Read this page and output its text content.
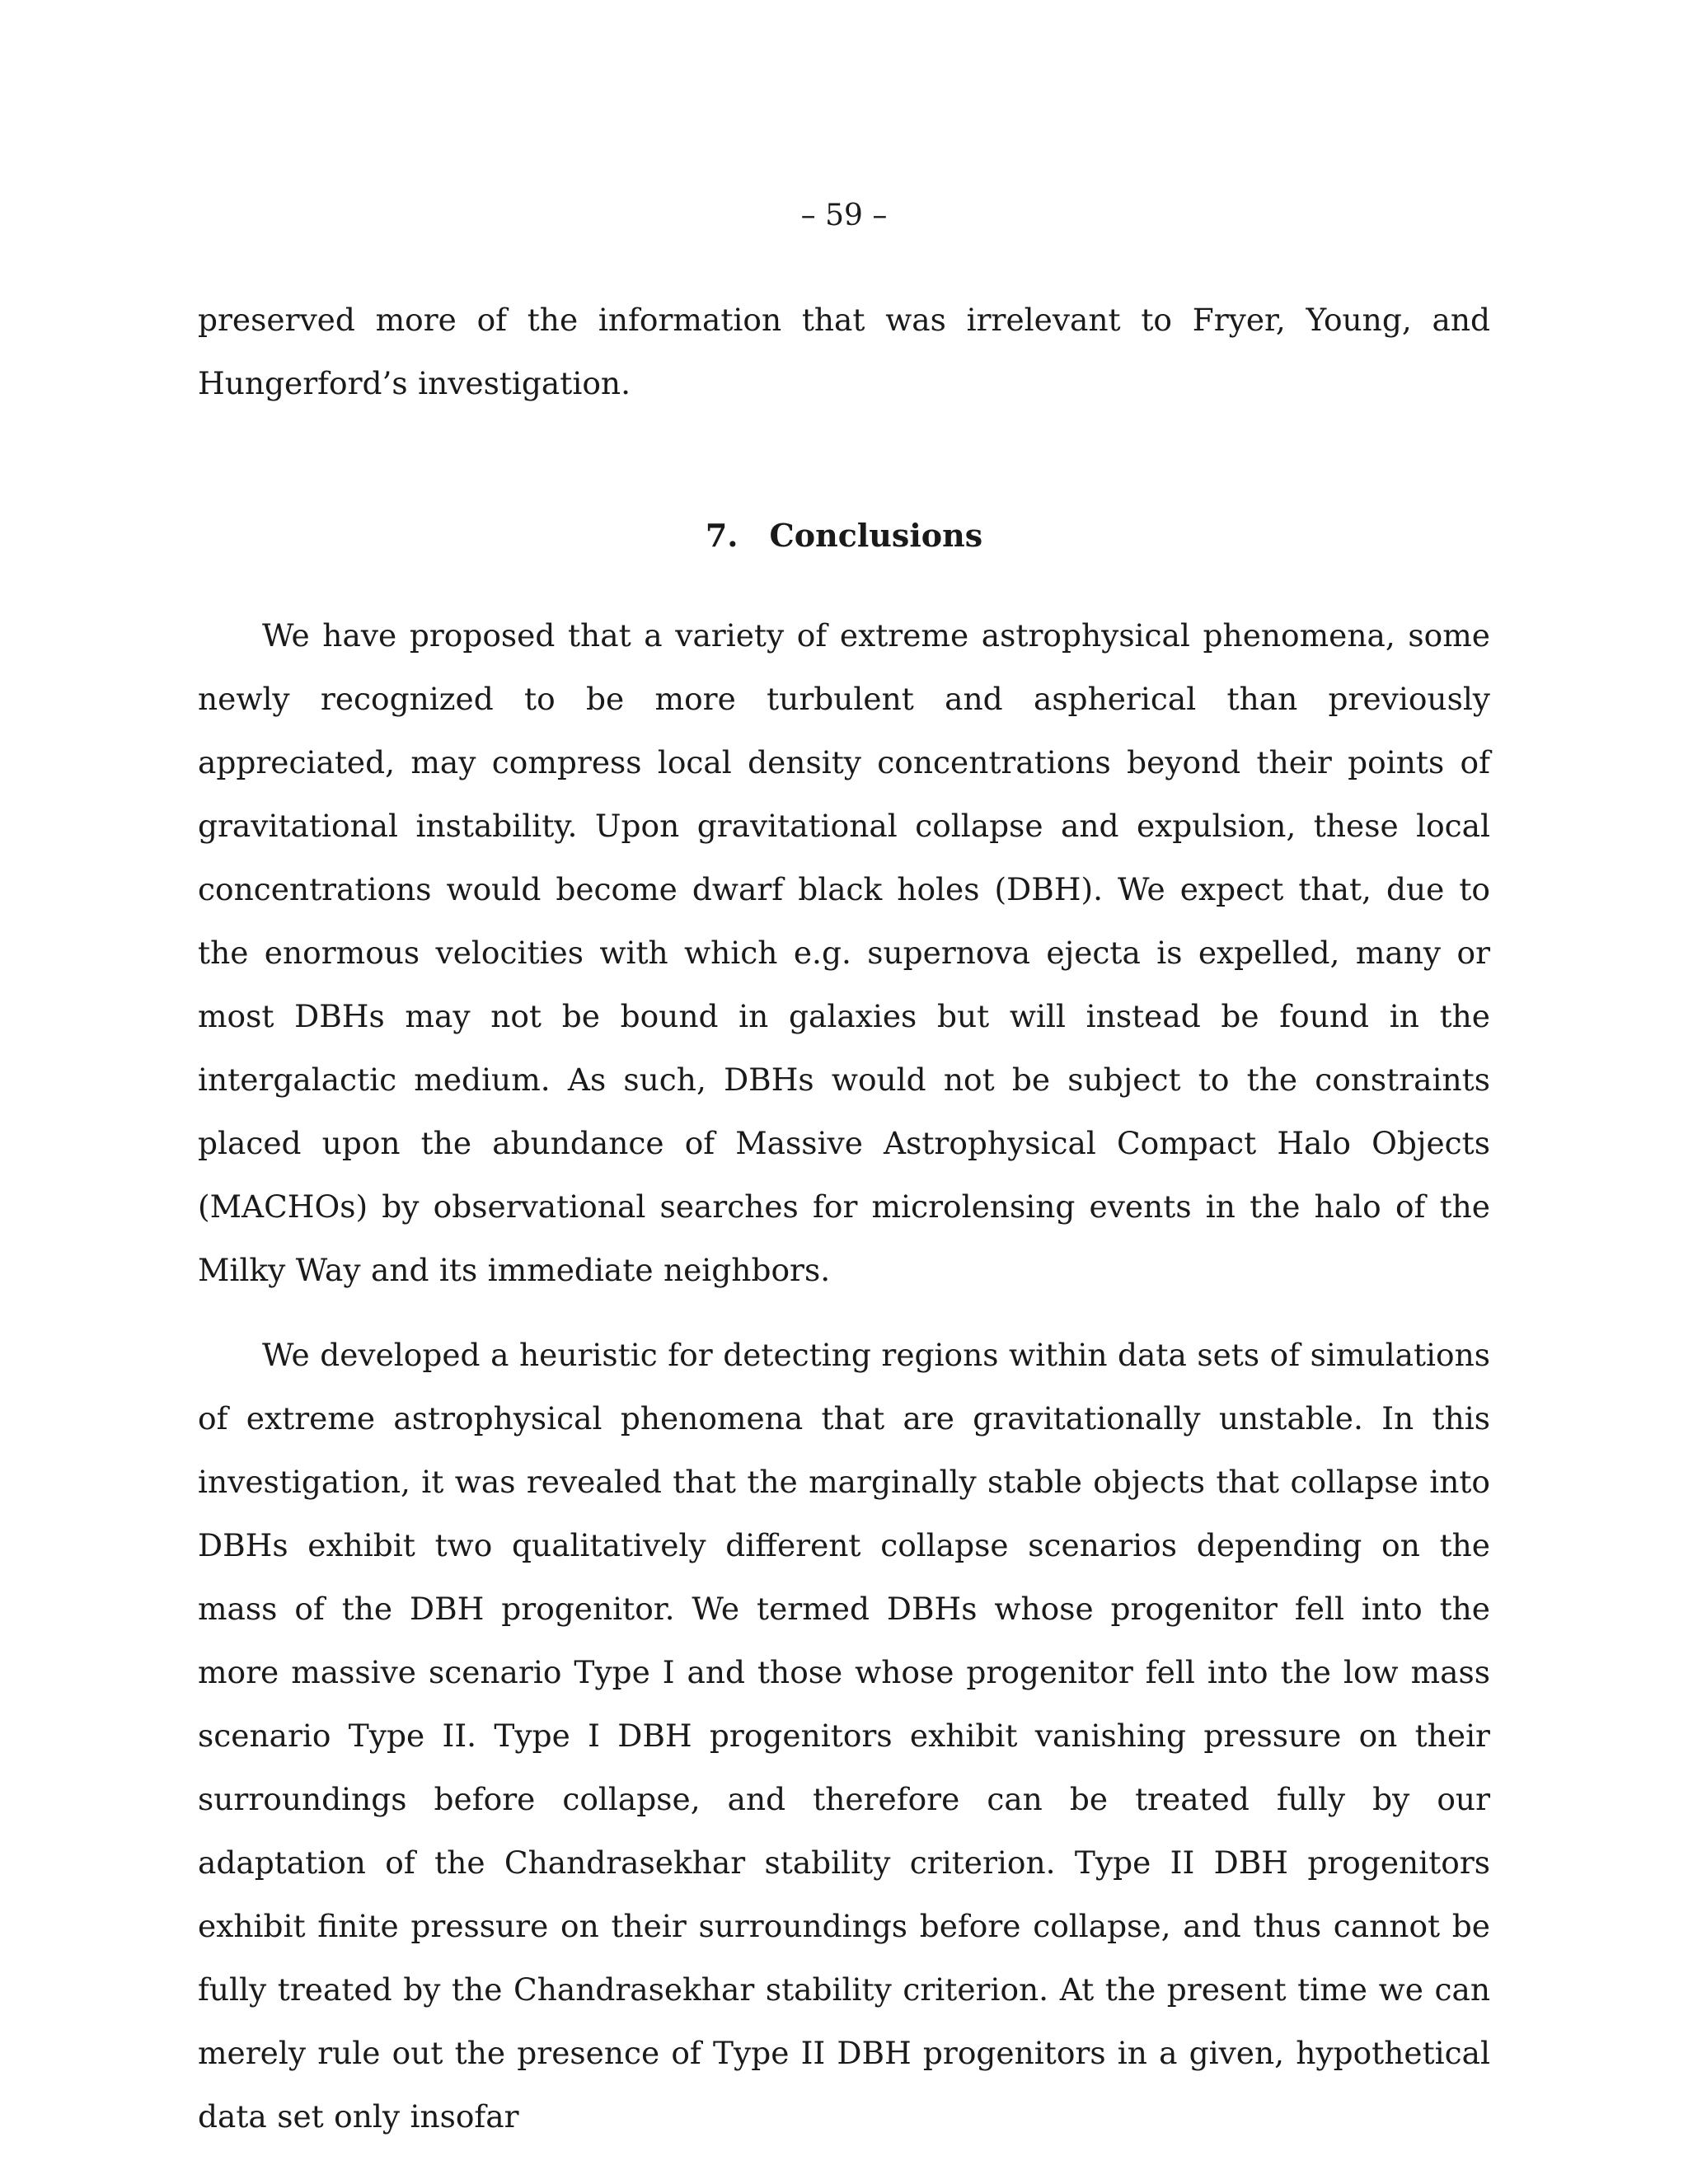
– 59 –
preserved more of the information that was irrelevant to Fryer, Young, and Hungerford’s investigation.
7. Conclusions

We have proposed that a variety of extreme astrophysical phenomena, some newly recognized to be more turbulent and aspherical than previously appreciated, may compress local density concentrations beyond their points of gravitational instability. Upon gravitational collapse and expulsion, these local concentrations would become dwarf black holes (DBH). We expect that, due to the enormous velocities with which e.g. supernova ejecta is expelled, many or most DBHs may not be bound in galaxies but will instead be found in the intergalactic medium. As such, DBHs would not be subject to the constraints placed upon the abundance of Massive Astrophysical Compact Halo Objects (MACHOs) by observational searches for microlensing events in the halo of the Milky Way and its immediate neighbors.

We developed a heuristic for detecting regions within data sets of simulations of extreme astrophysical phenomena that are gravitationally unstable. In this investigation, it was revealed that the marginally stable objects that collapse into DBHs exhibit two qualitatively different collapse scenarios depending on the mass of the DBH progenitor. We termed DBHs whose progenitor fell into the more massive scenario Type I and those whose progenitor fell into the low mass scenario Type II. Type I DBH progenitors exhibit vanishing pressure on their surroundings before collapse, and therefore can be treated fully by our adaptation of the Chandrasekhar stability criterion. Type II DBH progenitors exhibit finite pressure on their surroundings before collapse, and thus cannot be fully treated by the Chandrasekhar stability criterion. At the present time we can merely rule out the presence of Type II DBH progenitors in a given, hypothetical data set only insofar
